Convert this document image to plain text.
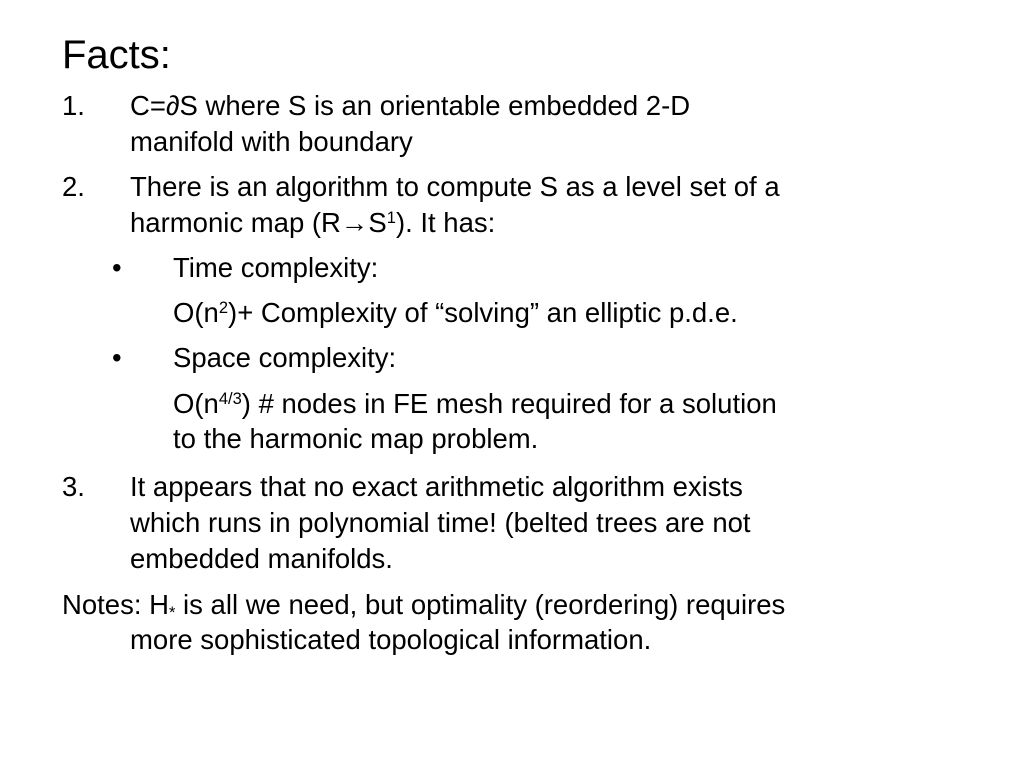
Facts:
1. C=∂S where S is an orientable embedded 2-D
manifold with boundary
2. There is an algorithm to compute S as a level set of a
harmonic map $(R\to S^1)$. It has:
• Time complexity:
$O(n^2)+$ Complexity of “solving” an elliptic p.d.e.
• Space complexity:
$O(n^{4/3})$ # nodes in FE mesh required for a solution
to the harmonic map problem.
3. It appears that no exact arithmetic algorithm exists
which runs in polynomial time! (belted trees are not
embedded manifolds.
Notes: $H_*$ is all we need, but optimality (reordering) requires
more sophisticated topological information.
